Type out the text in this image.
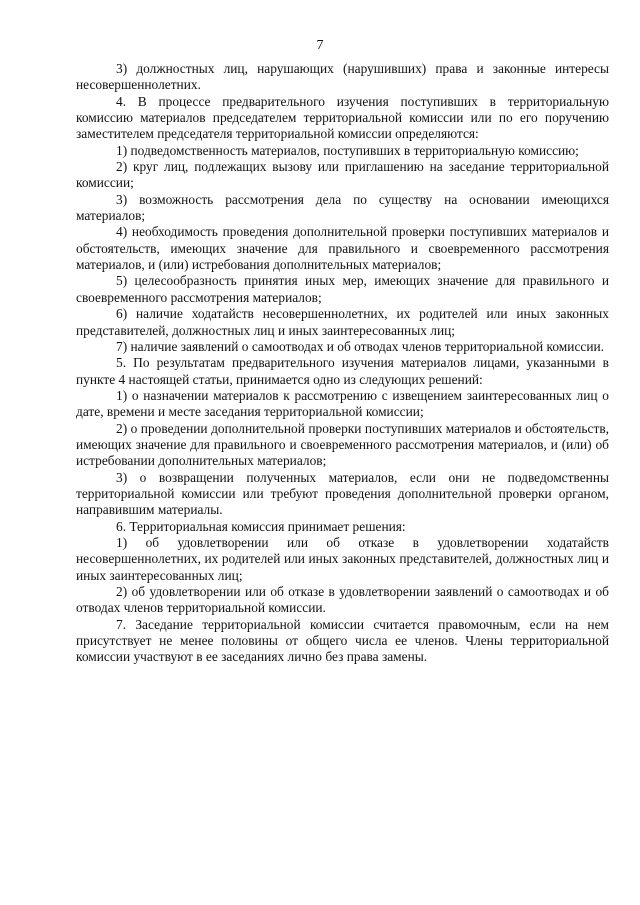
7

3) должностных лиц, нарушающих (нарушивших) права и законные интересы несовершеннолетних.

4. В процессе предварительного изучения поступивших в территориальную комиссию материалов председателем территориальной комиссии или по его поручению заместителем председателя территориальной комиссии определяются:

1) подведомственность материалов, поступивших в территориальную комиссию;

2) круг лиц, подлежащих вызову или приглашению на заседание территориальной комиссии;

3) возможность рассмотрения дела по существу на основании имеющихся материалов;

4) необходимость проведения дополнительной проверки поступивших материалов и обстоятельств, имеющих значение для правильного и своевременного рассмотрения материалов, и (или) истребования дополнительных материалов;

5) целесообразность принятия иных мер, имеющих значение для правильного и своевременного рассмотрения материалов;

6) наличие ходатайств несовершеннолетних, их родителей или иных законных представителей, должностных лиц и иных заинтересованных лиц;

7) наличие заявлений о самоотводах и об отводах членов территориальной комиссии.

5. По результатам предварительного изучения материалов лицами, указанными в пункте 4 настоящей статьи, принимается одно из следующих решений:

1) о назначении материалов к рассмотрению с извещением заинтересованных лиц о дате, времени и месте заседания территориальной комиссии;

2) о проведении дополнительной проверки поступивших материалов и обстоятельств, имеющих значение для правильного и своевременного рассмотрения материалов, и (или) об истребовании дополнительных материалов;

3) о возвращении полученных материалов, если они не подведомственны территориальной комиссии или требуют проведения дополнительной проверки органом, направившим материалы.

6. Территориальная комиссия принимает решения:

1) об удовлетворении или об отказе в удовлетворении ходатайств несовершеннолетних, их родителей или иных законных представителей, должностных лиц и иных заинтересованных лиц;

2) об удовлетворении или об отказе в удовлетворении заявлений о самоотводах и об отводах членов территориальной комиссии.

7. Заседание территориальной комиссии считается правомочным, если на нем присутствует не менее половины от общего числа ее членов. Члены территориальной комиссии участвуют в ее заседаниях лично без права замены.
